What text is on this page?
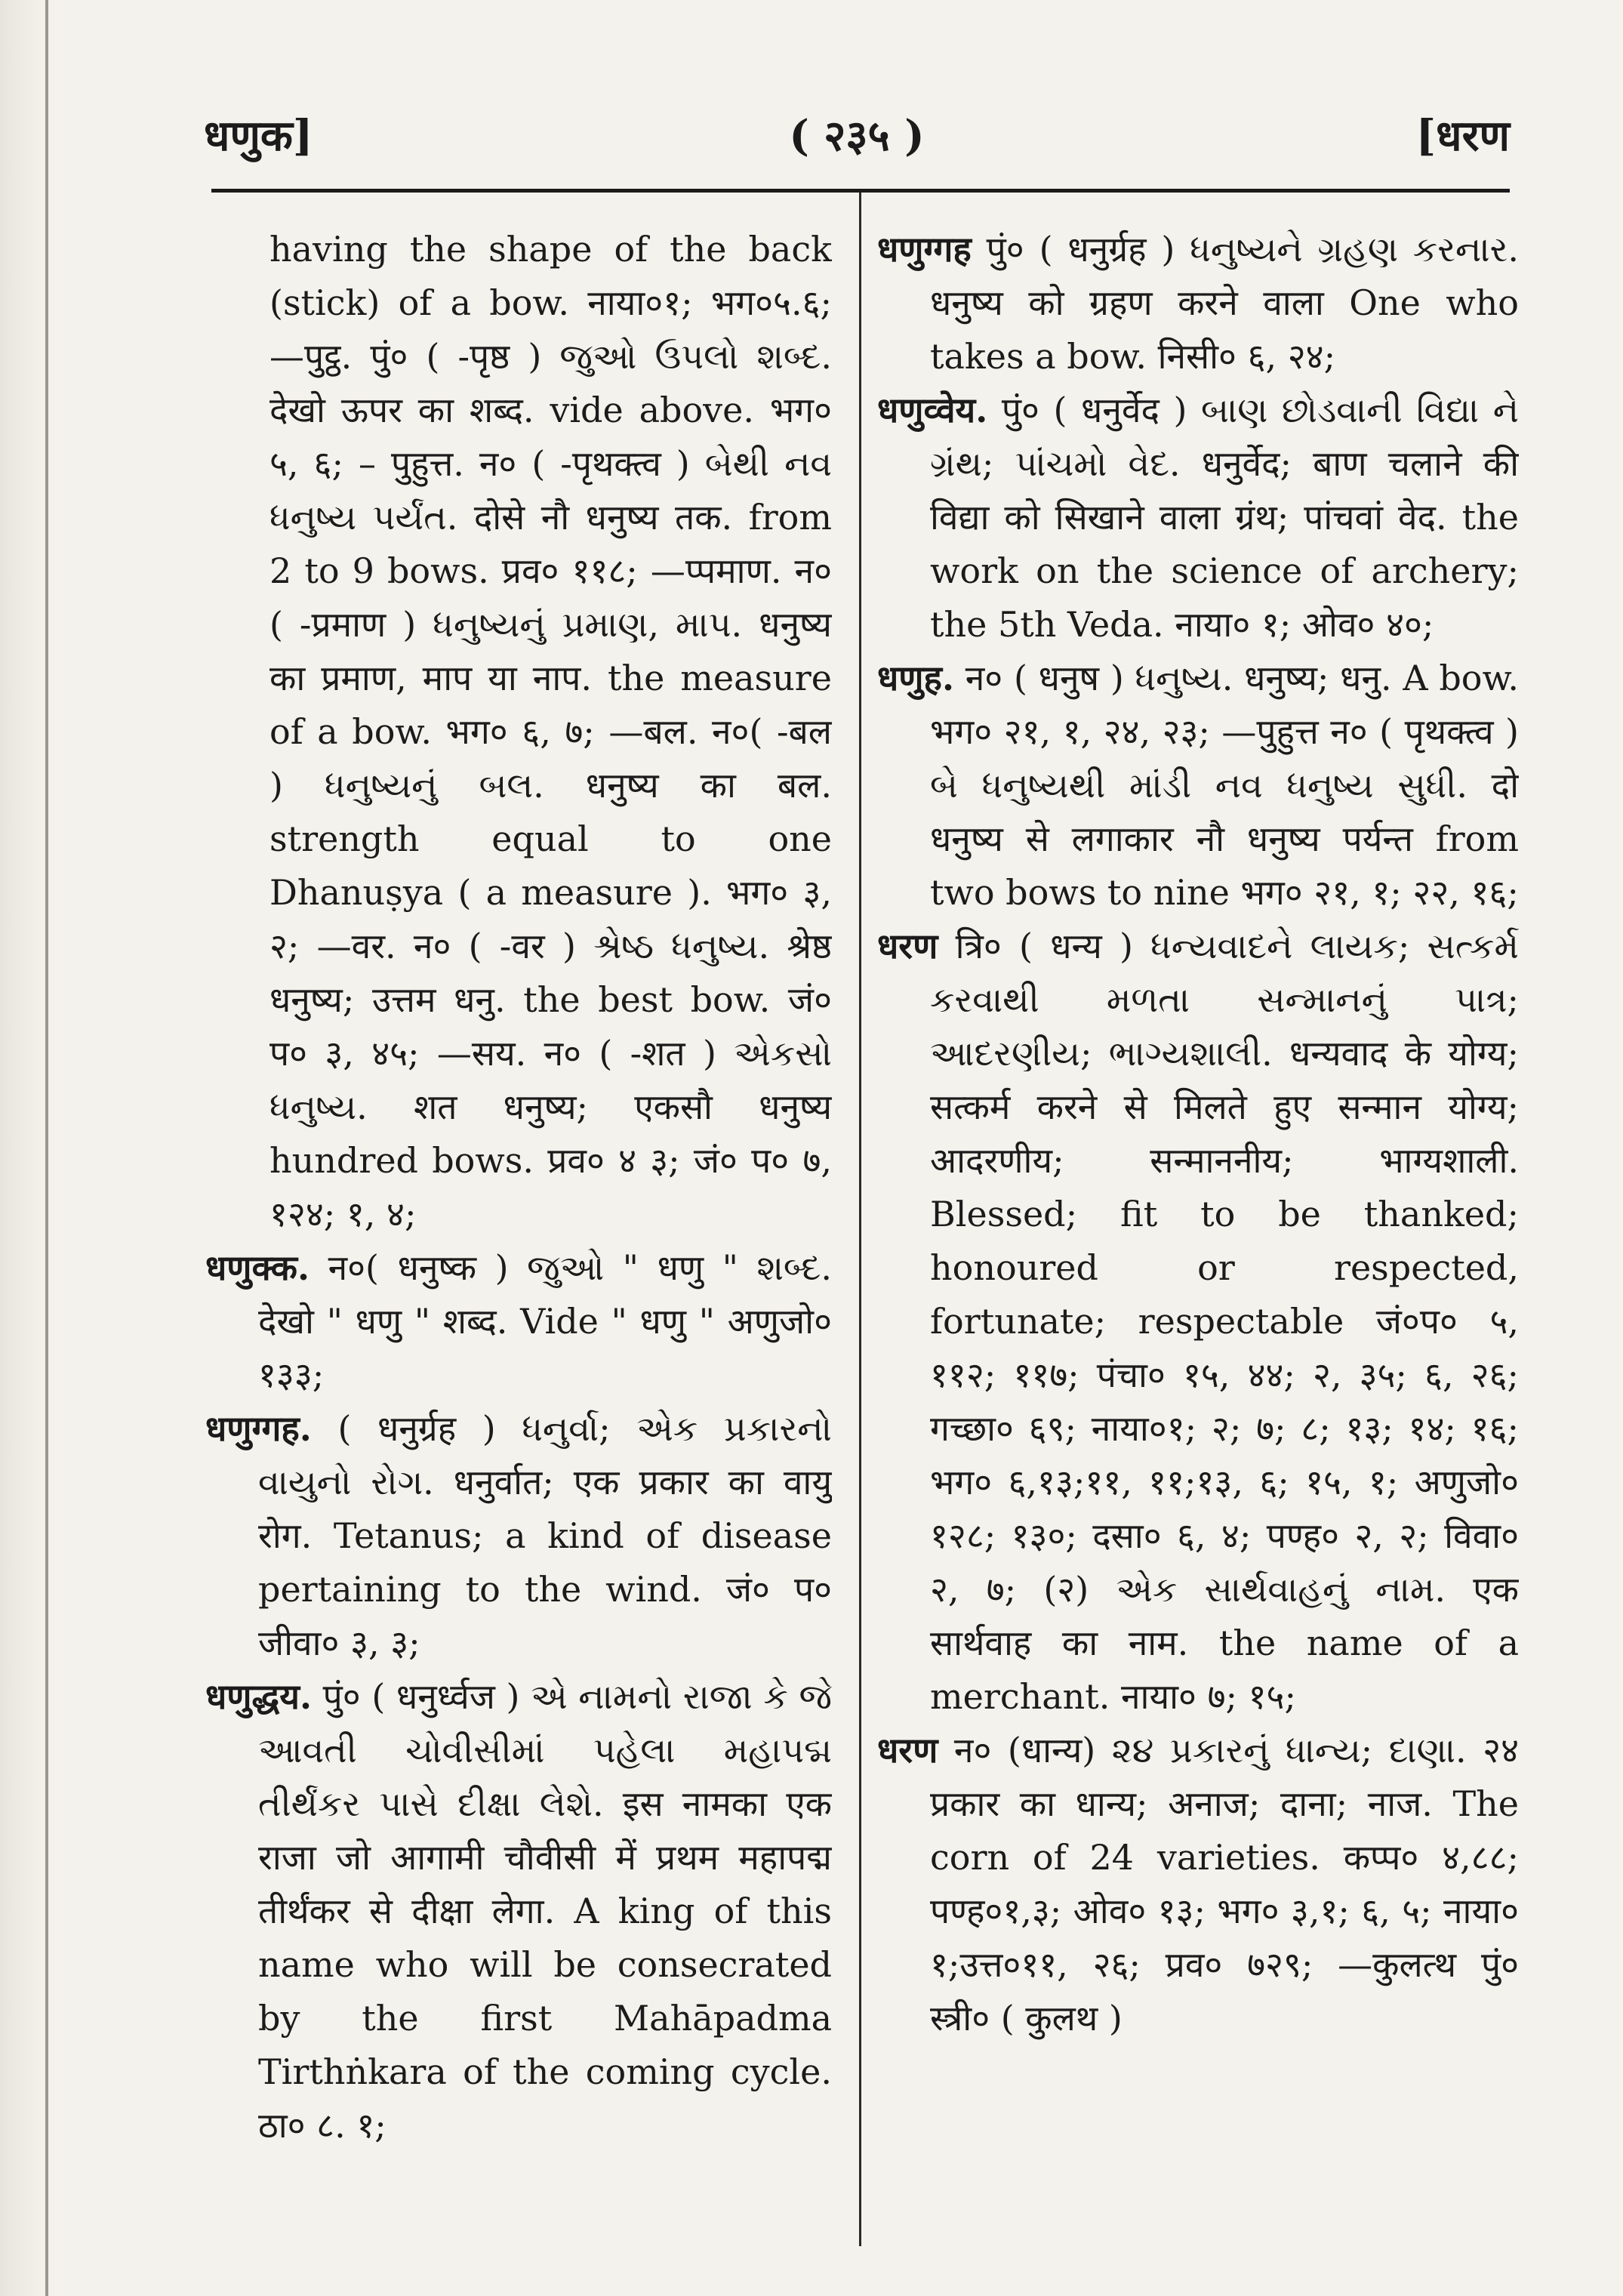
धणुक]	( २३५ )	[धरण

having the shape of the back (stick) of a bow. नाया०१; भग०५.६; —पुट्ठ. पुं० ( -पृष्ठ ) જુઓ ઉપલો શબ્દ. देखो ऊपर का शब्द. vide above. भग० ५, ६; – पुहुत्त. न० ( -पृथक्त्व ) બેથી નવ ધનુષ્ય પર્યંત. दोसे नौ धनुष्य तक. from 2 to 9 bows. प्रव० ११८; —प्पमाण. न० ( -प्रमाण ) ધનુષ્યનું પ્રમાણ, માપ. धनुष्य का प्रमाण, माप या नाप. the measure of a bow. भग० ६, ७; —बल. न०( -बल ) ધનુષ્યનું બલ. धनुष्य का बल. strength equal to one Dhanuṣya ( a measure ). भग० ३, २; —वर. न० ( -वर ) શ્રેષ્ઠ ધનુષ્ય. श्रेष्ठ धनुष्य; उत्तम धनु. the best bow. जं० प० ३, ४५; —सय. न० ( -शत ) એકસો ધનુષ્ય. शत धनुष्य; एकसौ धनुष्य hundred bows. प्रव० ४ ३; जं० प० ७, १२४; १, ४;

धणुक्क. न०( धनुष्क ) જુઓ " धणु " શબ્દ. देखो " धणु " शब्द. Vide " धणु " अणुजो० १३३;

धणुग्गह. ( धनुर्ग्रह ) ધનુર્વા; એક પ્રકારનો વાયુનો રોગ. धनुर्वात; एक प्रकार का वायु रोग. Tetanus; a kind of disease pertaining to the wind. जं० प० जीवा० ३, ३;

धणुद्धय. पुं० ( धनुर्ध्वज ) એ નામનો રાજા કે જે આવતી ચોવીસીમાં પહેલા મહાપદ્મ તીર્થંકર પાસે દીક્ષા લેશે. इस नामका एक राजा जो आगामी चौवीसी में प्रथम महापद्म तीर्थंकर से दीक्षा लेगा. A king of this name who will be consecrated by the first Mahāpadma Tirthṅkara of the coming cycle. ठा० ८. १;

धणुग्गह पुं० ( धनुर्ग्रह ) ધનુષ્યને ગ્રહણ કરનાર. धनुष्य को ग्रहण करने वाला One who takes a bow. निसी० ६, २४;

धणुव्वेय. पुं० ( धनुर्वेद ) બાણ છોડવાની વિદ્યા ને ગ્રંથ; પાંચમો વેદ. धनुर्वेद; बाण चलाने की विद्या को सिखाने वाला ग्रंथ; पांचवां वेद. the work on the science of archery; the 5th Veda. नाया० १; ओव० ४०;

धणुह. न० ( धनुष ) ધનુષ્ય. धनुष्य; धनु. A bow. भग० २१, १, २४, २३; —पुहुत्त न० ( पृथक्त्व ) બે ધનુષ્યથી માંડી નવ ધનુષ્ય સુધી. दो धनुष्य से लगाकार नौ धनुष्य पर्यन्त from two bows to nine भग० २१, १; २२, १६;

धरण त्रि० ( धन्य ) ધન્યવાદને લાયક; સત્કર્મ કરવાથી મળતા સન્માનનું પાત્ર; આદરણીય; ભાગ્યશાલી. धन्यवाद के योग्य; सत्कर्म करने से मिलते हुए सन्मान योग्य; आदरणीय; सन्माननीय; भाग्यशाली. Blessed; fit to be thanked; honoured or respected, fortunate; respectable जं०प० ५, ११२; ११७; पंचा० १५, ४४; २, ३५; ६, २६; गच्छा० ६९; नाया०१; २; ७; ८; १३; १४; १६; भग० ६,१३;११, ११;१३, ६; १५, १; अणुजो० १२८; १३०; दसा० ६, ४; पण्ह० २, २; विवा० २, ७; (२) એક સાર્થવાહનું નામ. एक सार्थवाह का नाम. the name of a merchant. नाया० ७; १५;

धरण न० (धान्य) ૨૪ પ્રકારનું ધાન્ય; દાણા. २४ प्रकार का धान्य; अनाज; दाना; नाज. The corn of 24 varieties. कप्प० ४,८८; पण्ह०१,३; ओव० १३; भग० ३,१; ६, ५; नाया० १;उत्त०११, २६; प्रव० ७२९; —कुलत्थ पुं० स्त्री० ( कुलथ )
